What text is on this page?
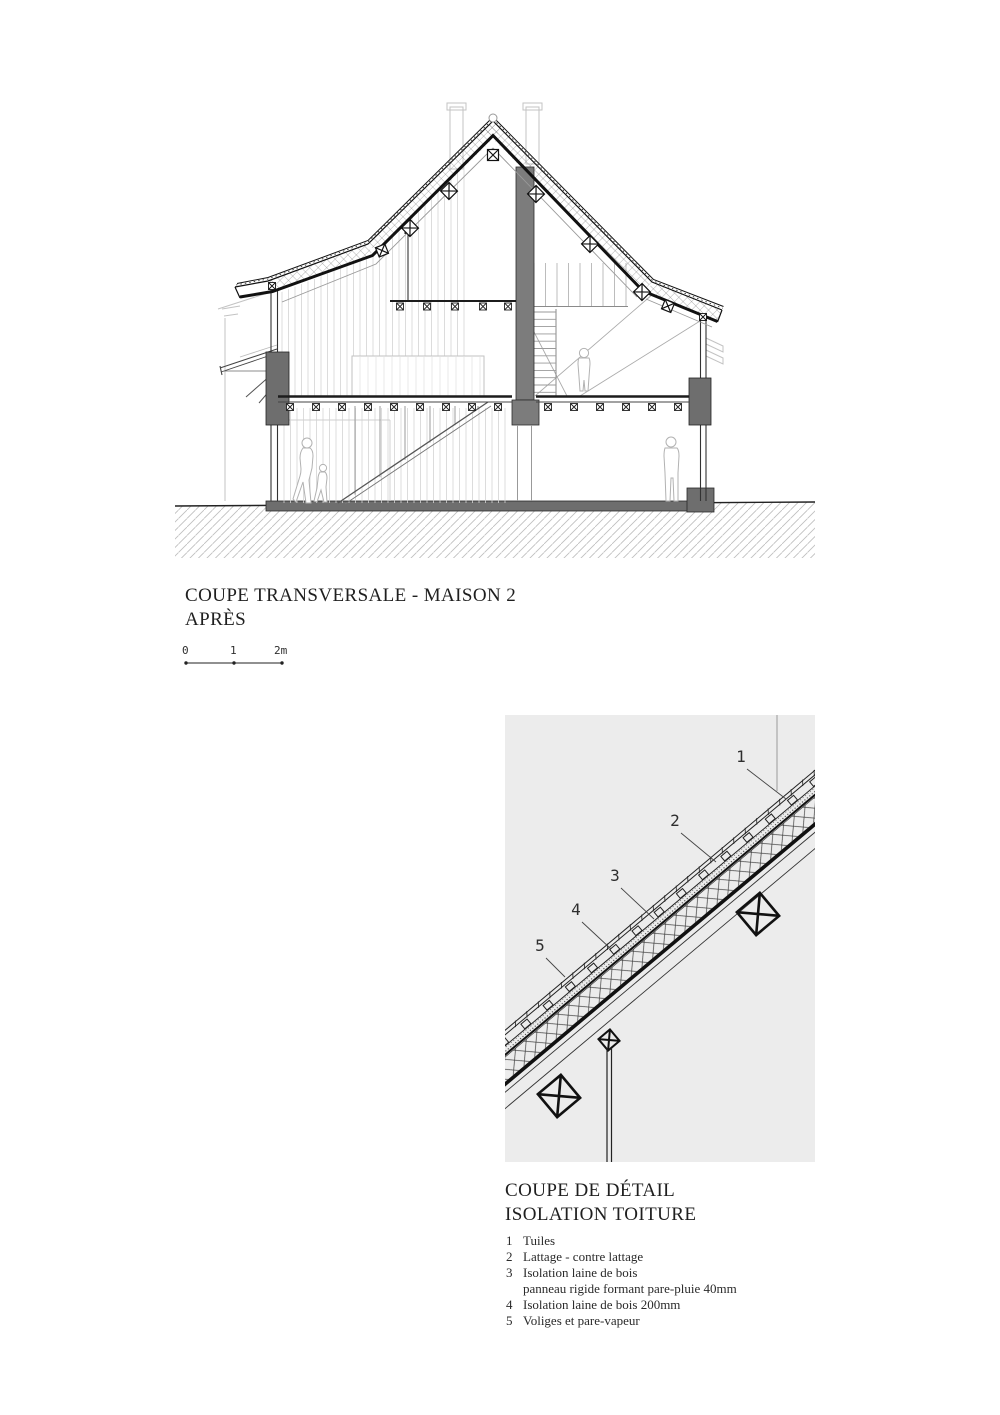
COUPE TRANSVERSALE - MAISON 2
APRÈS
0	1	2m
1
2
3
4
5
COUPE DE DÉTAIL
ISOLATION TOITURE
1 Tuiles
2 Lattage - contre lattage
3 Isolation laine de bois
panneau rigide formant pare-pluie 40mm
4 Isolation laine de bois 200mm
5 Voliges et pare-vapeur
